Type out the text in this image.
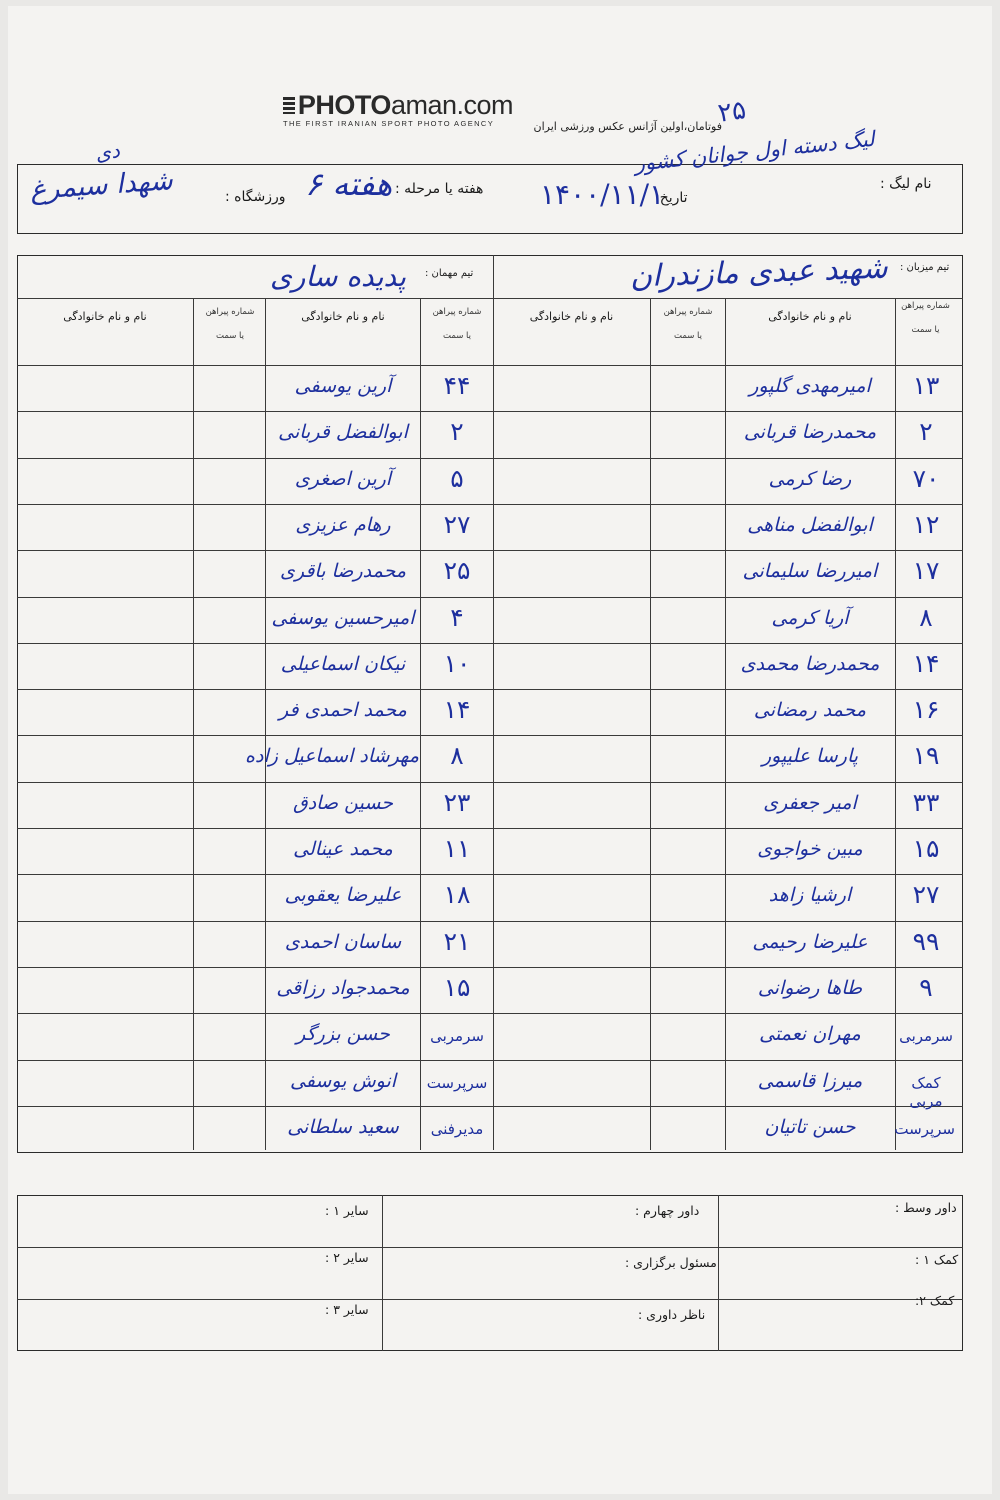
PHOTO aman.com
THE FIRST IRANIAN SPORT PHOTO AGENCY	فوتامان،اولین آژانس عکس ورزشی ایران
۲۵
نام لیگ :
لیگ دسته اول جوانان کشور
تاریخ:
۱۴۰۰/۱۱/۱
هفته یا مرحله :
هفته ۶
ورزشگاه :
شهدا سیمرغ
دی
تیم میزبان :
شهید عبدی مازندران
تیم مهمان :
پدیده ساری
شماره پیراهن

یا سمت
نام و نام خانوادگی
شماره پیراهن

یا سمت
نام و نام خانوادگی
شماره پیراهن

یا سمت
نام و نام خانوادگی
شماره پیراهن

یا سمت
نام و نام خانوادگی
۱۳
امیرمهدی گلپور
۴۴
آرین یوسفی
۲
محمدرضا قربانی
۲
ابوالفضل قربانی
۷۰
رضا کرمی
۵
آرین اصغری
۱۲
ابوالفضل مناهی
۲۷
رهام عزیزی
۱۷
امیررضا سلیمانی
۲۵
محمدرضا باقری
۸
آریا کرمی
۴
امیرحسین یوسفی
۱۴
محمدرضا محمدی
۱۰
نیکان اسماعیلی
۱۶
محمد رمضانی
۱۴
محمد احمدی فر
۱۹
پارسا علیپور
۸
مهرشاد اسماعیل زاده
۳۳
امیر جعفری
۲۳
حسین صادق
۱۵
مبین خواجوی
۱۱
محمد عینالی
۲۷
ارشیا زاهد
۱۸
علیرضا یعقوبی
۹۹
علیرضا رحیمی
۲۱
ساسان احمدی
۹
طاها رضوانی
۱۵
محمدجواد رزاقی
سرمربی
مهران نعمتی
سرمربی
حسن بزرگر
کمک مربی
میرزا قاسمی
سرپرست
انوش یوسفی
سرپرست
حسن تاتیان
مدیرفنی
سعید سلطانی
داور وسط :
کمک ۱ :
کمک ۲:
داور چهارم :
مسئول برگزاری :
ناظر داوری :
سایر ۱ :
سایر ۲ :
سایر ۳ :
